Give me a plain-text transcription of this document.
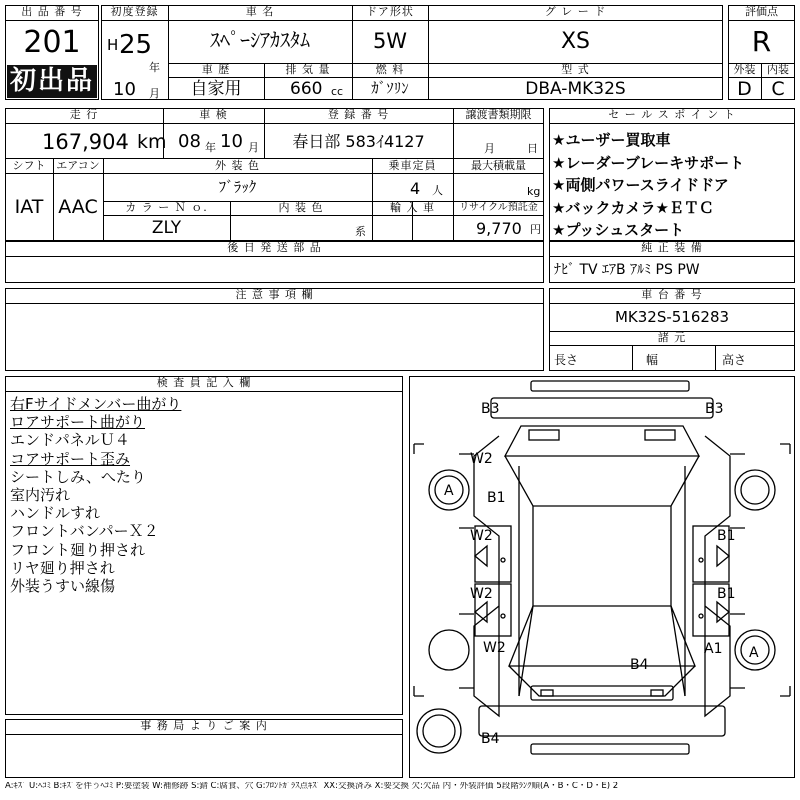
出 品 番 号
201
初出品
初度登録
H 25
年
10 月
車 名
ｽﾍﾟｰｼｱｶｽﾀﾑ
ドア形状
5W
グ レ ー ド
XS
車 歴
自家用
排 気 量
660 cc
燃 料
ｶﾞｿﾘﾝ
型 式
DBA-MK32S
評価点
R
外装	内装
D	C
走 行
167,904 km
車 検
08 年 10 月
登 録 番 号
春日部 583ｲ4127
譲渡書類期限
月	日
シフト
IAT
エアコン
AAC
外 装 色
ﾌﾞﾗｯｸ
乗車定員
4 人
最大積載量
kg
カ ラ ー Ｎ ｏ.
ZLY
内 装 色
系
輸 入 車	リサイクル預託金
9,770 円
後 日 発 送 部 品
セ ー ル ス ポ イ ン ト
★ユーザー買取車
★レーダーブレーキサポート
★両側パワースライドドア
★バックカメラ★ＥＴＣ
★プッシュスタート
純 正 装 備
ﾅﾋﾞ TV ｴｱB ｱﾙﾐ PS PW
注 意 事 項 欄	車 台 番 号
MK32S-516283
諸 元
長さ	幅	高さ
検 査 員 記 入 欄
右Fサイドメンバー曲がり
ロアサポート曲がり
エンドパネルＵ４
コアサポート歪み
シートしみ、へたり
室内汚れ
ハンドルすれ
フロントバンパーＸ２
フロント廻り押され
リヤ廻り押され
外装うすい線傷
事 務 局 よ り ご 案 内
B3	B3
W2
A B1
W2	B1
W2	B1
W2	A1 A
B4
B4
A:ｷｽﾞ U:ﾍｺﾐ B:ｷｽﾞを伴うﾍｺﾐ P:要塗装 W:補修跡 S:錆 C:腐食、穴 G:ﾌﾛﾝﾄｶﾞﾗｽ点ｷｽﾞ XX:交換済み X:要交換 欠:欠品 内・外装評価 5段階ﾗﾝｸ順(A・B・C・D・E) 2
